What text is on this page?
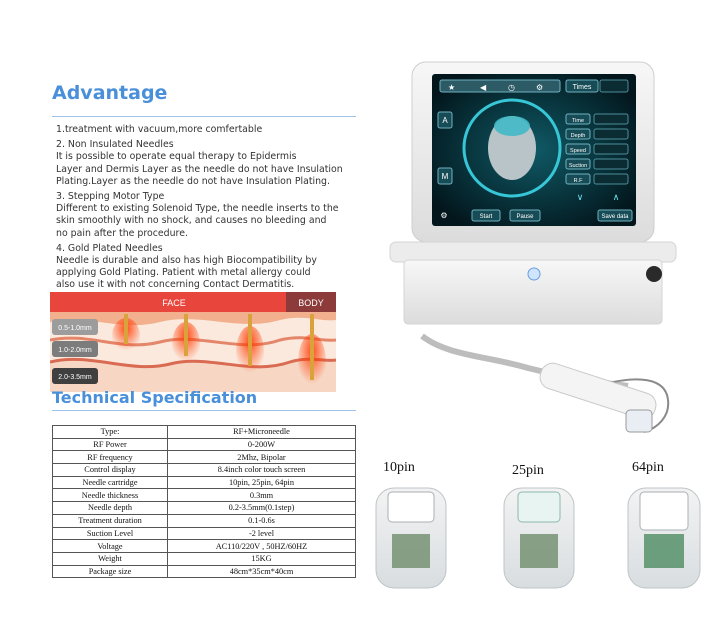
Advantage

1.treatment with vacuum,more comfertable

2. Non Insulated Needles
It is possible to operate equal therapy to Epidermis
Layer and Dermis Layer as the needle do not have Insulation
Plating.Layer as the needle do not have Insulation Plating.

3. Stepping Motor Type
Different to existing Solenoid Type, the needle inserts to the
skin smoothly with no shock, and causes no bleeding and
no pain after the procedure.

4. Gold Plated Needles
Needle is durable and also has high Biocompatibility by
applying Gold Plating. Patient with metal allergy could
also use it with not concerning Contact Dermatitis.

FACE	BODY
0.5-1.0mm
1.0-2.0mm
2.0-3.5mm
Technical Specification
Type:	RF+Microneedle
RF Power	0-200W
RF frequency	2Mhz, Bipolar
Control display	8.4inch color touch screen
Needle cartridge	10pin, 25pin, 64pin
Needle thickness	0.3mm
Needle depth	0.2-3.5mm(0.1step)
Treatment duration	0.1-0.6s
Suction Level	-2 level
Voltage	AC110/220V , 50HZ/60HZ
Weight	15KG
Package size	48cm*35cm*40cm
★	◀	◷	⚙	Times
A
M
Time
Depth
Speed
Suction
R.F
∨	∧
⚙	Start	Pause	Save data
10pin	25pin	64pin
